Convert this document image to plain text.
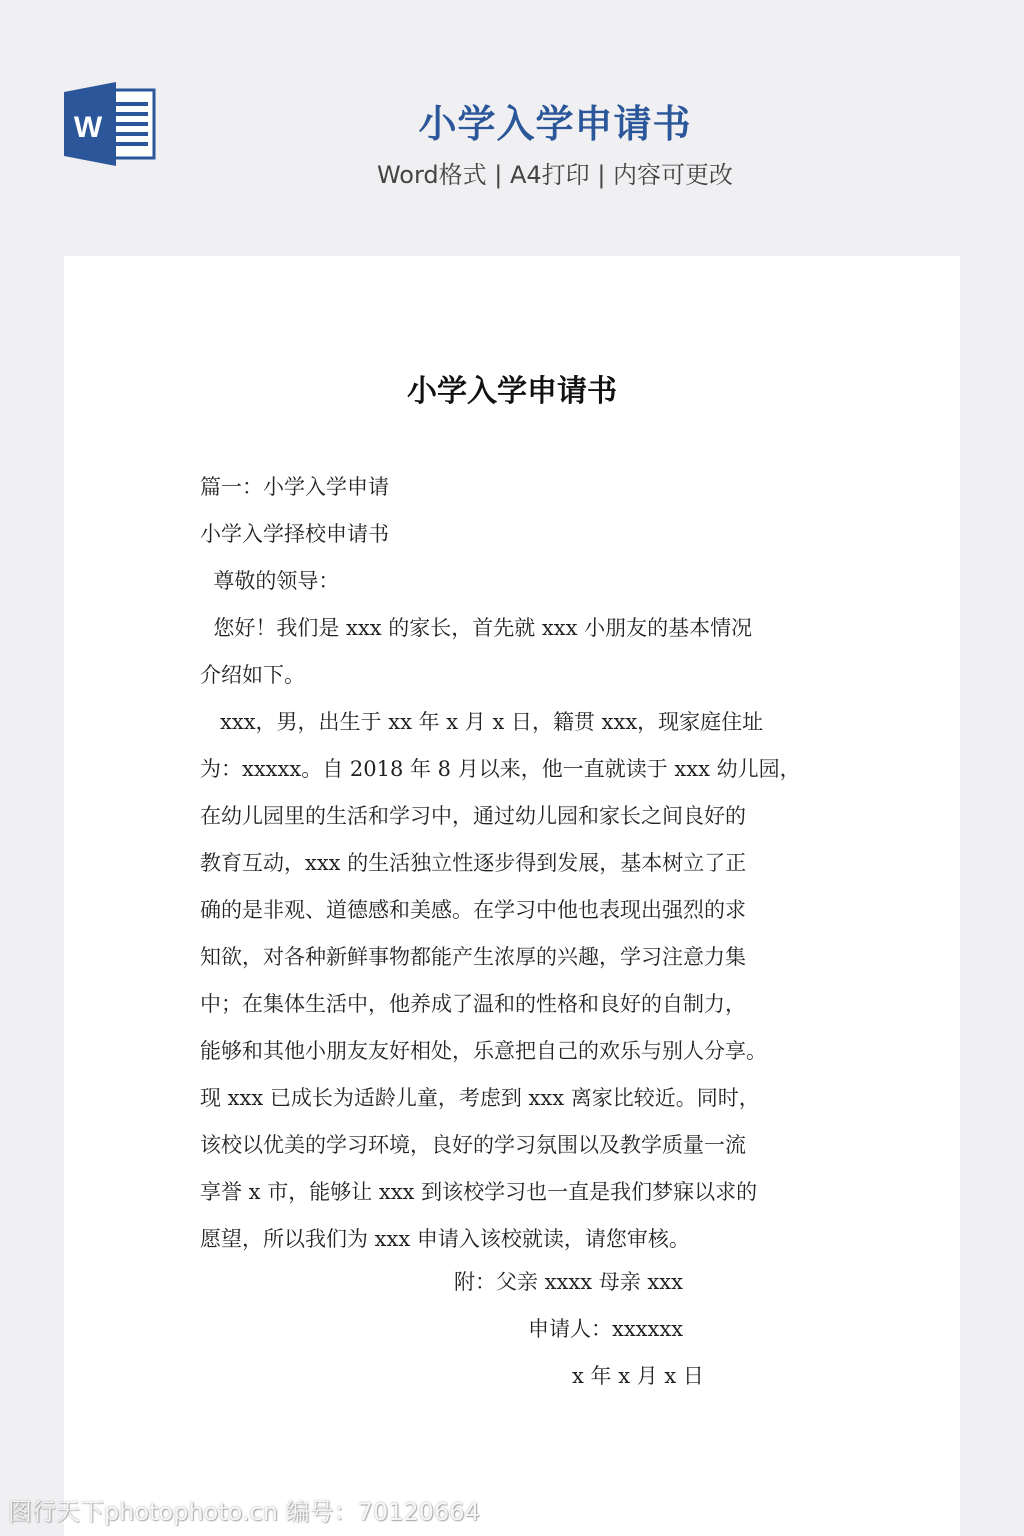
W	小学入学申请书
Word格式 | A4打印 | 内容可更改
小学入学申请书

篇一：小学入学申请

小学入学择校申请书

尊敬的领导：

您好！我们是 xxx 的家长，首先就 xxx 小朋友的基本情况

介绍如下。

xxx，男，出生于 xx 年 x 月 x 日，籍贯 xxx，现家庭住址

为：xxxxx。自 2018 年 8 月以来，他一直就读于 xxx 幼儿园，

在幼儿园里的生活和学习中，通过幼儿园和家长之间良好的

教育互动，xxx 的生活独立性逐步得到发展，基本树立了正

确的是非观、道德感和美感。在学习中他也表现出强烈的求

知欲，对各种新鲜事物都能产生浓厚的兴趣，学习注意力集

中；在集体生活中，他养成了温和的性格和良好的自制力，

能够和其他小朋友友好相处，乐意把自己的欢乐与别人分享。

现 xxx 已成长为适龄儿童，考虑到 xxx 离家比较近。同时，

该校以优美的学习环境，良好的学习氛围以及教学质量一流

享誉 x 市，能够让 xxx 到该校学习也一直是我们梦寐以求的

愿望，所以我们为 xxx 申请入该校就读，请您审核。

附：父亲 xxxx 母亲 xxx
申请人：xxxxxx
x 年 x 月 x 日
图行天下photophoto.cn 编号：70120664
